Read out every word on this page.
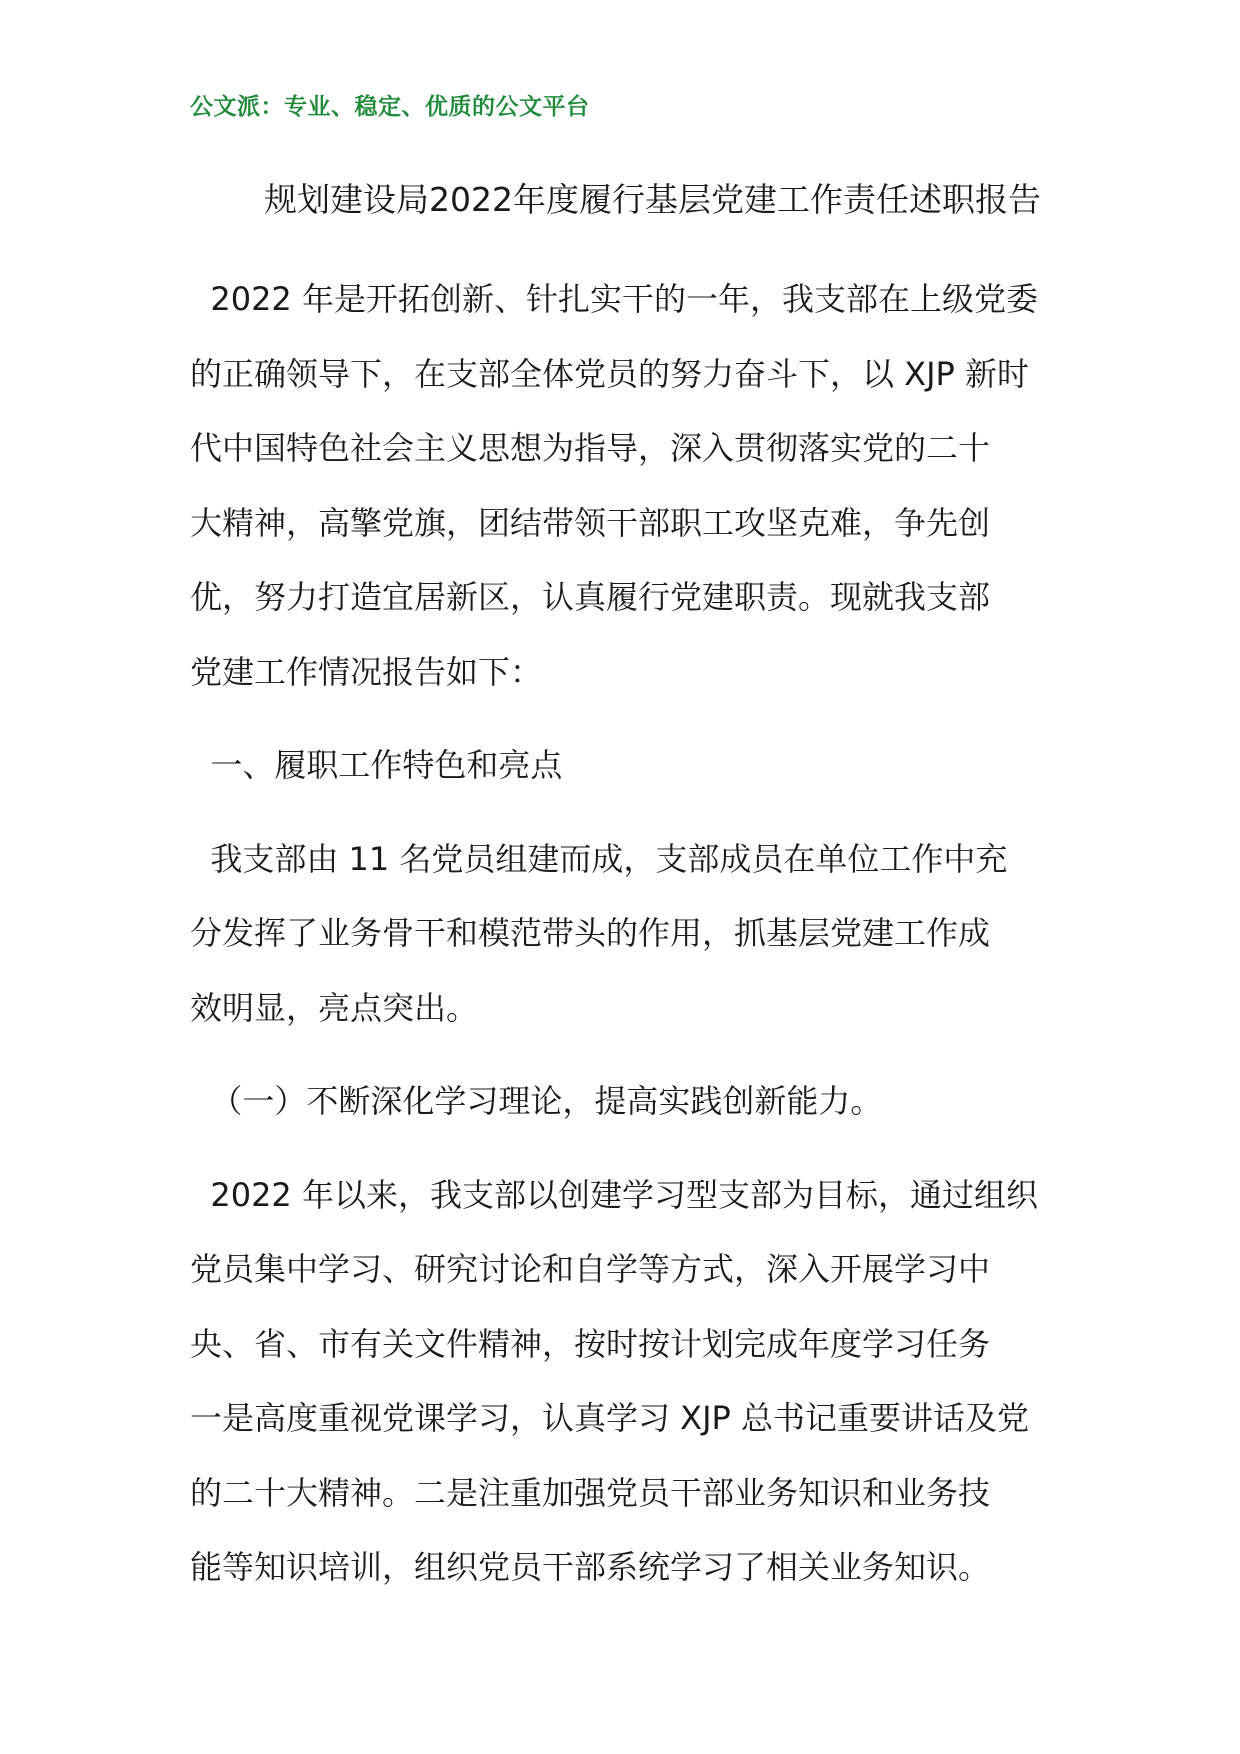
公文派：专业、稳定、优质的公文平台
规划建设局2022年度履行基层党建工作责任述职报告
2022 年是开拓创新、针扎实干的一年，我支部在上级党委
的正确领导下，在支部全体党员的努力奋斗下，以 XJP 新时
代中国特色社会主义思想为指导，深入贯彻落实党的二十
大精神，高擎党旗，团结带领干部职工攻坚克难，争先创
优，努力打造宜居新区，认真履行党建职责。现就我支部
党建工作情况报告如下：
一、履职工作特色和亮点
我支部由 11 名党员组建而成，支部成员在单位工作中充
分发挥了业务骨干和模范带头的作用，抓基层党建工作成
效明显，亮点突出。
（一）不断深化学习理论，提高实践创新能力。
2022 年以来，我支部以创建学习型支部为目标，通过组织
党员集中学习、研究讨论和自学等方式，深入开展学习中
央、省、市有关文件精神，按时按计划完成年度学习任务
一是高度重视党课学习，认真学习 XJP 总书记重要讲话及党
的二十大精神。二是注重加强党员干部业务知识和业务技
能等知识培训，组织党员干部系统学习了相关业务知识。
